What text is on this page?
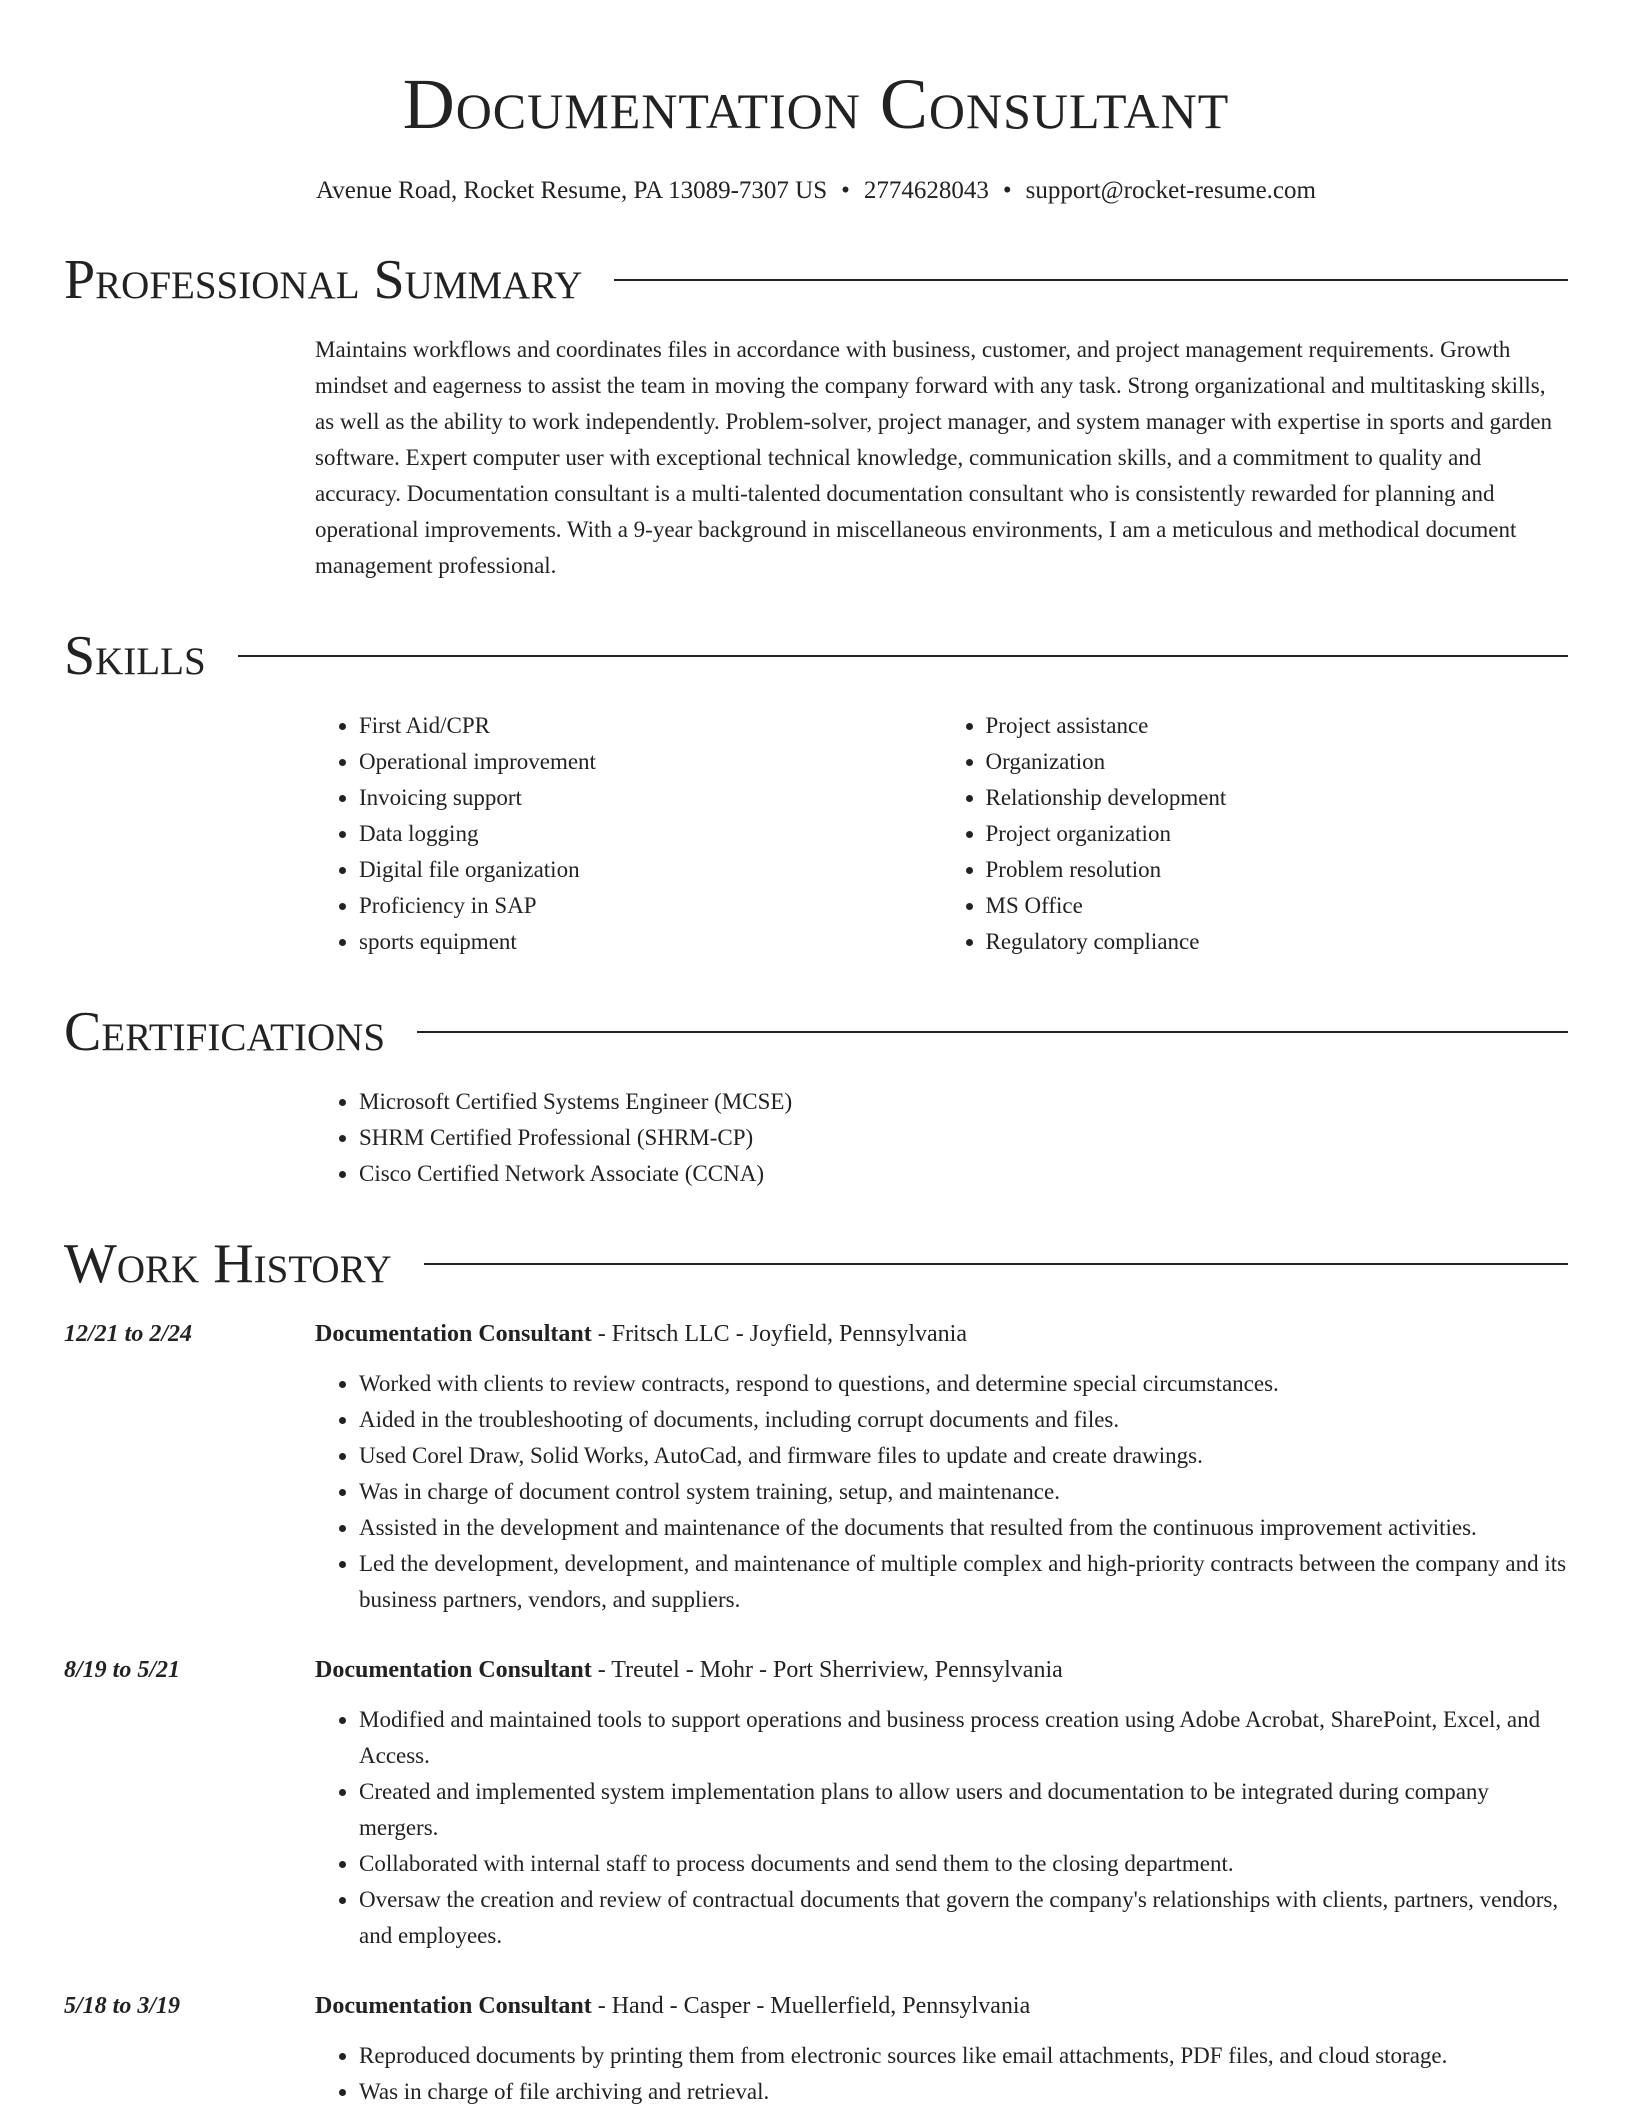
Documentation Consultant
Avenue Road, Rocket Resume, PA 13089-7307 US • 2774628043 • support@rocket-resume.com
Professional Summary
Maintains workflows and coordinates files in accordance with business, customer, and project management requirements. Growth mindset and eagerness to assist the team in moving the company forward with any task. Strong organizational and multitasking skills, as well as the ability to work independently. Problem-solver, project manager, and system manager with expertise in sports and garden software. Expert computer user with exceptional technical knowledge, communication skills, and a commitment to quality and accuracy. Documentation consultant is a multi-talented documentation consultant who is consistently rewarded for planning and operational improvements. With a 9-year background in miscellaneous environments, I am a meticulous and methodical document management professional.
Skills
• First Aid/CPR
• Operational improvement
• Invoicing support
• Data logging
• Digital file organization
• Proficiency in SAP
• sports equipment
• Project assistance
• Organization
• Relationship development
• Project organization
• Problem resolution
• MS Office
• Regulatory compliance
Certifications
• Microsoft Certified Systems Engineer (MCSE)
• SHRM Certified Professional (SHRM-CP)
• Cisco Certified Network Associate (CCNA)
Work History
12/21 to 2/24	Documentation Consultant - Fritsch LLC - Joyfield, Pennsylvania
• Worked with clients to review contracts, respond to questions, and determine special circumstances.
• Aided in the troubleshooting of documents, including corrupt documents and files.
• Used Corel Draw, Solid Works, AutoCad, and firmware files to update and create drawings.
• Was in charge of document control system training, setup, and maintenance.
• Assisted in the development and maintenance of the documents that resulted from the continuous improvement activities.
• Led the development, development, and maintenance of multiple complex and high-priority contracts between the company and its business partners, vendors, and suppliers.
8/19 to 5/21	Documentation Consultant - Treutel - Mohr - Port Sherriview, Pennsylvania
• Modified and maintained tools to support operations and business process creation using Adobe Acrobat, SharePoint, Excel, and Access.
• Created and implemented system implementation plans to allow users and documentation to be integrated during company mergers.
• Collaborated with internal staff to process documents and send them to the closing department.
• Oversaw the creation and review of contractual documents that govern the company's relationships with clients, partners, vendors, and employees.
5/18 to 3/19	Documentation Consultant - Hand - Casper - Muellerfield, Pennsylvania
• Reproduced documents by printing them from electronic sources like email attachments, PDF files, and cloud storage.
• Was in charge of file archiving and retrieval.
